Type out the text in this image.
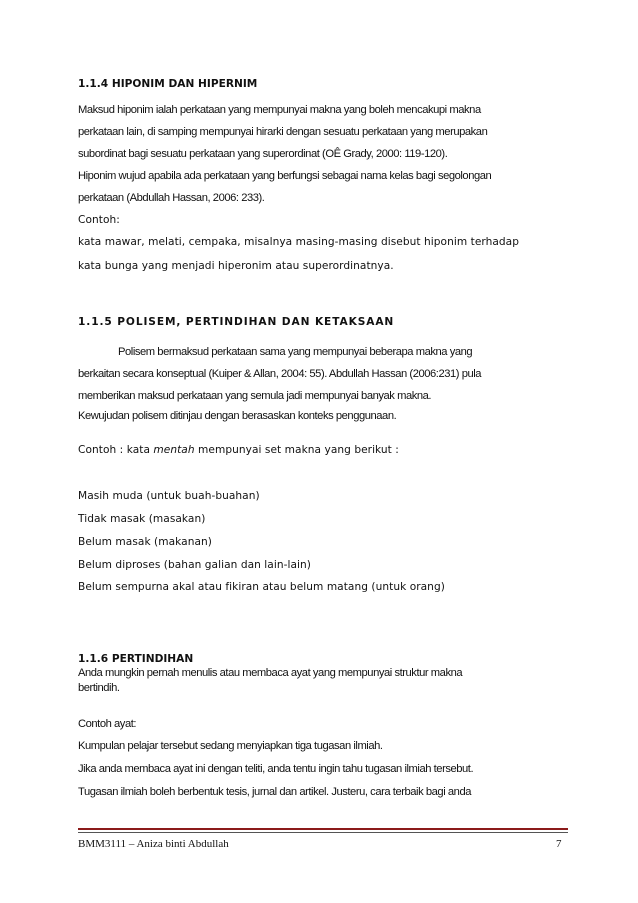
1.1.4 HIPONIM DAN HIPERNIM
Maksud hiponim ialah perkataan yang mempunyai makna yang boleh mencakupi makna
perkataan lain, di samping mempunyai hirarki dengan sesuatu perkataan yang merupakan
subordinat bagi sesuatu perkataan yang superordinat (OÊ Grady, 2000: 119-120).
Hiponim wujud apabila ada perkataan yang berfungsi sebagai nama kelas bagi segolongan
perkataan (Abdullah Hassan, 2006: 233).
Contoh:
kata mawar, melati, cempaka, misalnya masing-masing disebut hiponim terhadap
kata bunga yang menjadi hiperonim atau superordinatnya.
1.1.5 POLISEM, PERTINDIHAN DAN KETAKSAAN
Polisem bermaksud perkataan sama yang mempunyai beberapa makna yang
berkaitan secara konseptual (Kuiper & Allan, 2004: 55). Abdullah Hassan (2006:231) pula
memberikan maksud perkataan yang semula jadi mempunyai banyak makna.
Kewujudan polisem ditinjau dengan berasaskan konteks penggunaan.
Contoh : kata mentah mempunyai set makna yang berikut :
Masih muda (untuk buah-buahan)
Tidak masak (masakan)
Belum masak (makanan)
Belum diproses (bahan galian dan lain-lain)
Belum sempurna akal atau fikiran atau belum matang (untuk orang)
1.1.6 PERTINDIHAN
Anda mungkin pernah menulis atau membaca ayat yang mempunyai struktur makna
bertindih.
Contoh ayat:
Kumpulan pelajar tersebut sedang menyiapkan tiga tugasan ilmiah.
Jika anda membaca ayat ini dengan teliti, anda tentu ingin tahu tugasan ilmiah tersebut.
Tugasan ilmiah boleh berbentuk tesis, jurnal dan artikel. Justeru, cara terbaik bagi anda
BMM3111 – Aniza binti Abdullah	7
